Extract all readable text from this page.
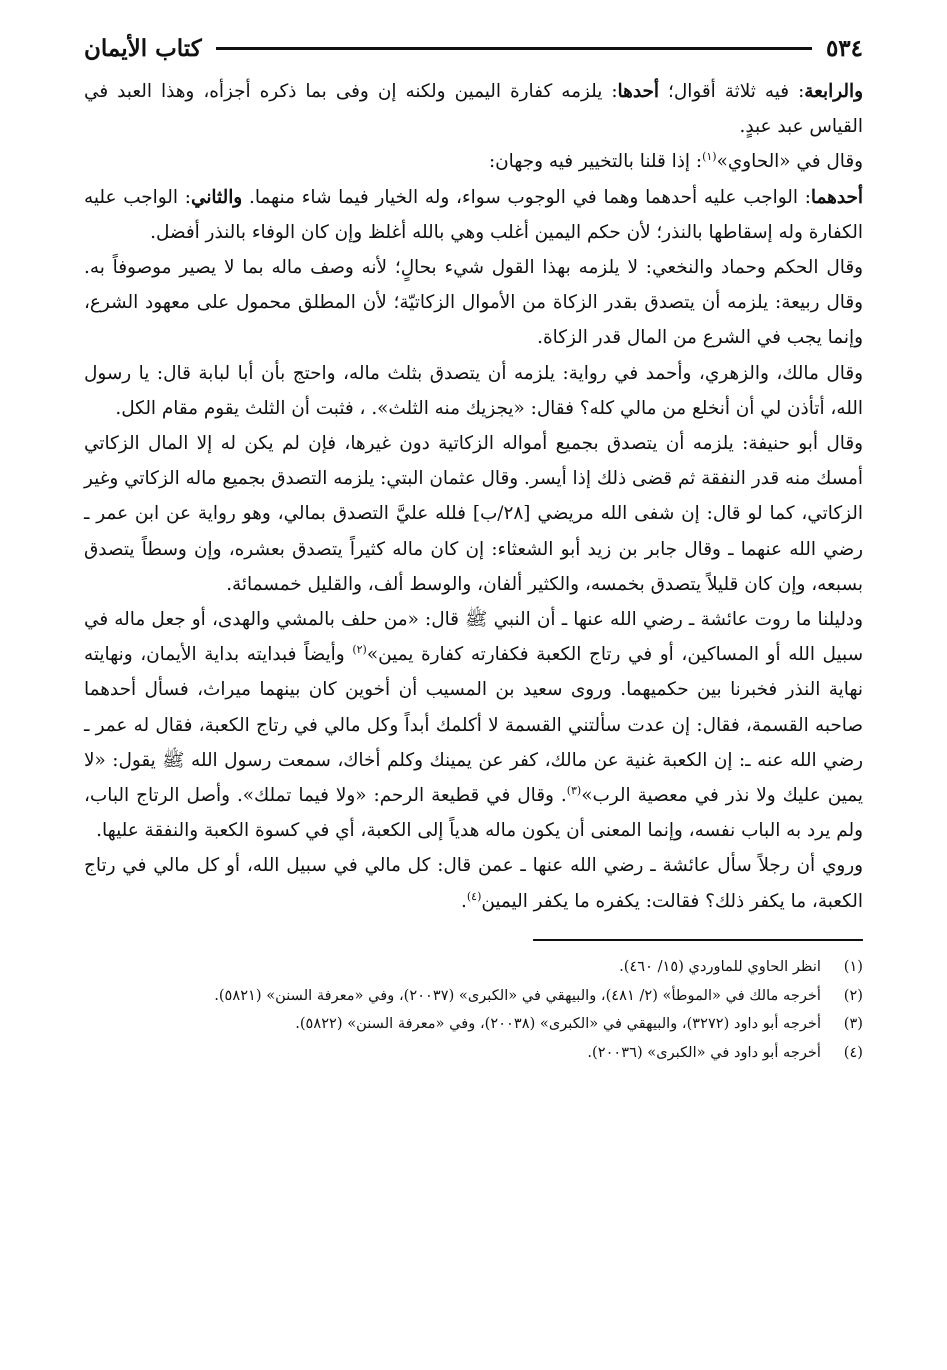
٥٣٤
كتاب الأيمان

والرابعة: فيه ثلاثة أقوال؛ أحدها: يلزمه كفارة اليمين ولكنه إن وفى بما ذكره أجزأه، وهذا العبد في القياس عبد عبدٍ.

وقال في «الحاوي»$^{(١)}$: إذا قلنا بالتخيير فيه وجهان:

أحدهما: الواجب عليه أحدهما وهما في الوجوب سواء، وله الخيار فيما شاء منهما. والثاني: الواجب عليه الكفارة وله إسقاطها بالنذر؛ لأن حكم اليمين أغلب وهي بالله أغلظ وإن كان الوفاء بالنذر أفضل.

وقال الحكم وحماد والنخعي: لا يلزمه بهذا القول شيء بحالٍ؛ لأنه وصف ماله بما لا يصير موصوفاً به. وقال ربيعة: يلزمه أن يتصدق بقدر الزكاة من الأموال الزكاتيّة؛ لأن المطلق محمول على معهود الشرع، وإنما يجب في الشرع من المال قدر الزكاة.

وقال مالك، والزهري، وأحمد في رواية: يلزمه أن يتصدق بثلث ماله، واحتج بأن أبا لبابة قال: يا رسول الله، أتأذن لي أن أنخلع من مالي كله؟ فقال: «يجزيك منه الثلث». ، فثبت أن الثلث يقوم مقام الكل.

وقال أبو حنيفة: يلزمه أن يتصدق بجميع أمواله الزكاتية دون غيرها، فإن لم يكن له إلا المال الزكاتي أمسك منه قدر النفقة ثم قضى ذلك إذا أيسر. وقال عثمان البتي: يلزمه التصدق بجميع ماله الزكاتي وغير الزكاتي، كما لو قال: إن شفى الله مريضي [٢٨/ب] فلله عليَّ التصدق بمالي، وهو رواية عن ابن عمر ـ رضي الله عنهما ـ وقال جابر بن زيد أبو الشعثاء: إن كان ماله كثيراً يتصدق بعشره، وإن وسطاً يتصدق بسبعه، وإن كان قليلاً يتصدق بخمسه، والكثير ألفان، والوسط ألف، والقليل خمسمائة.

ودليلنا ما روت عائشة ـ رضي الله عنها ـ أن النبي ﷺ قال: «من حلف بالمشي والهدى، أو جعل ماله في سبيل الله أو المساكين، أو في رتاج الكعبة فكفارته كفارة يمين»$^{(٢)}$ وأيضاً فبدايته بداية الأيمان، ونهايته نهاية النذر فخبرنا بين حكميهما. وروى سعيد بن المسيب أن أخوين كان بينهما ميراث، فسأل أحدهما صاحبه القسمة، فقال: إن عدت سألتني القسمة لا أكلمك أبداً وكل مالي في رتاج الكعبة، فقال له عمر ـ رضي الله عنه ـ: إن الكعبة غنية عن مالك، كفر عن يمينك وكلم أخاك، سمعت رسول الله ﷺ يقول: «لا يمين عليك ولا نذر في معصية الرب»$^{(٣)}$. وقال في قطيعة الرحم: «ولا فيما تملك». وأصل الرتاج الباب، ولم يرد به الباب نفسه، وإنما المعنى أن يكون ماله هدياً إلى الكعبة، أي في كسوة الكعبة والنفقة عليها.

وروي أن رجلاً سأل عائشة ـ رضي الله عنها ـ عمن قال: كل مالي في سبيل الله، أو كل مالي في رتاج الكعبة، ما يكفر ذلك؟ فقالت: يكفره ما يكفر اليمين$^{(٤)}$.

(١)
انظر الحاوي للماوردي (١٥/ ٤٦٠).
(٢)
أخرجه مالك في «الموطأ» (٢/ ٤٨١)، والبيهقي في «الكبرى» (٢٠٠٣٧)، وفي «معرفة السنن» (٥٨٢١).
(٣)
أخرجه أبو داود (٣٢٧٢)، والبيهقي في «الكبرى» (٢٠٠٣٨)، وفي «معرفة السنن» (٥٨٢٢).
(٤)
أخرجه أبو داود في «الكبرى» (٢٠٠٣٦).
